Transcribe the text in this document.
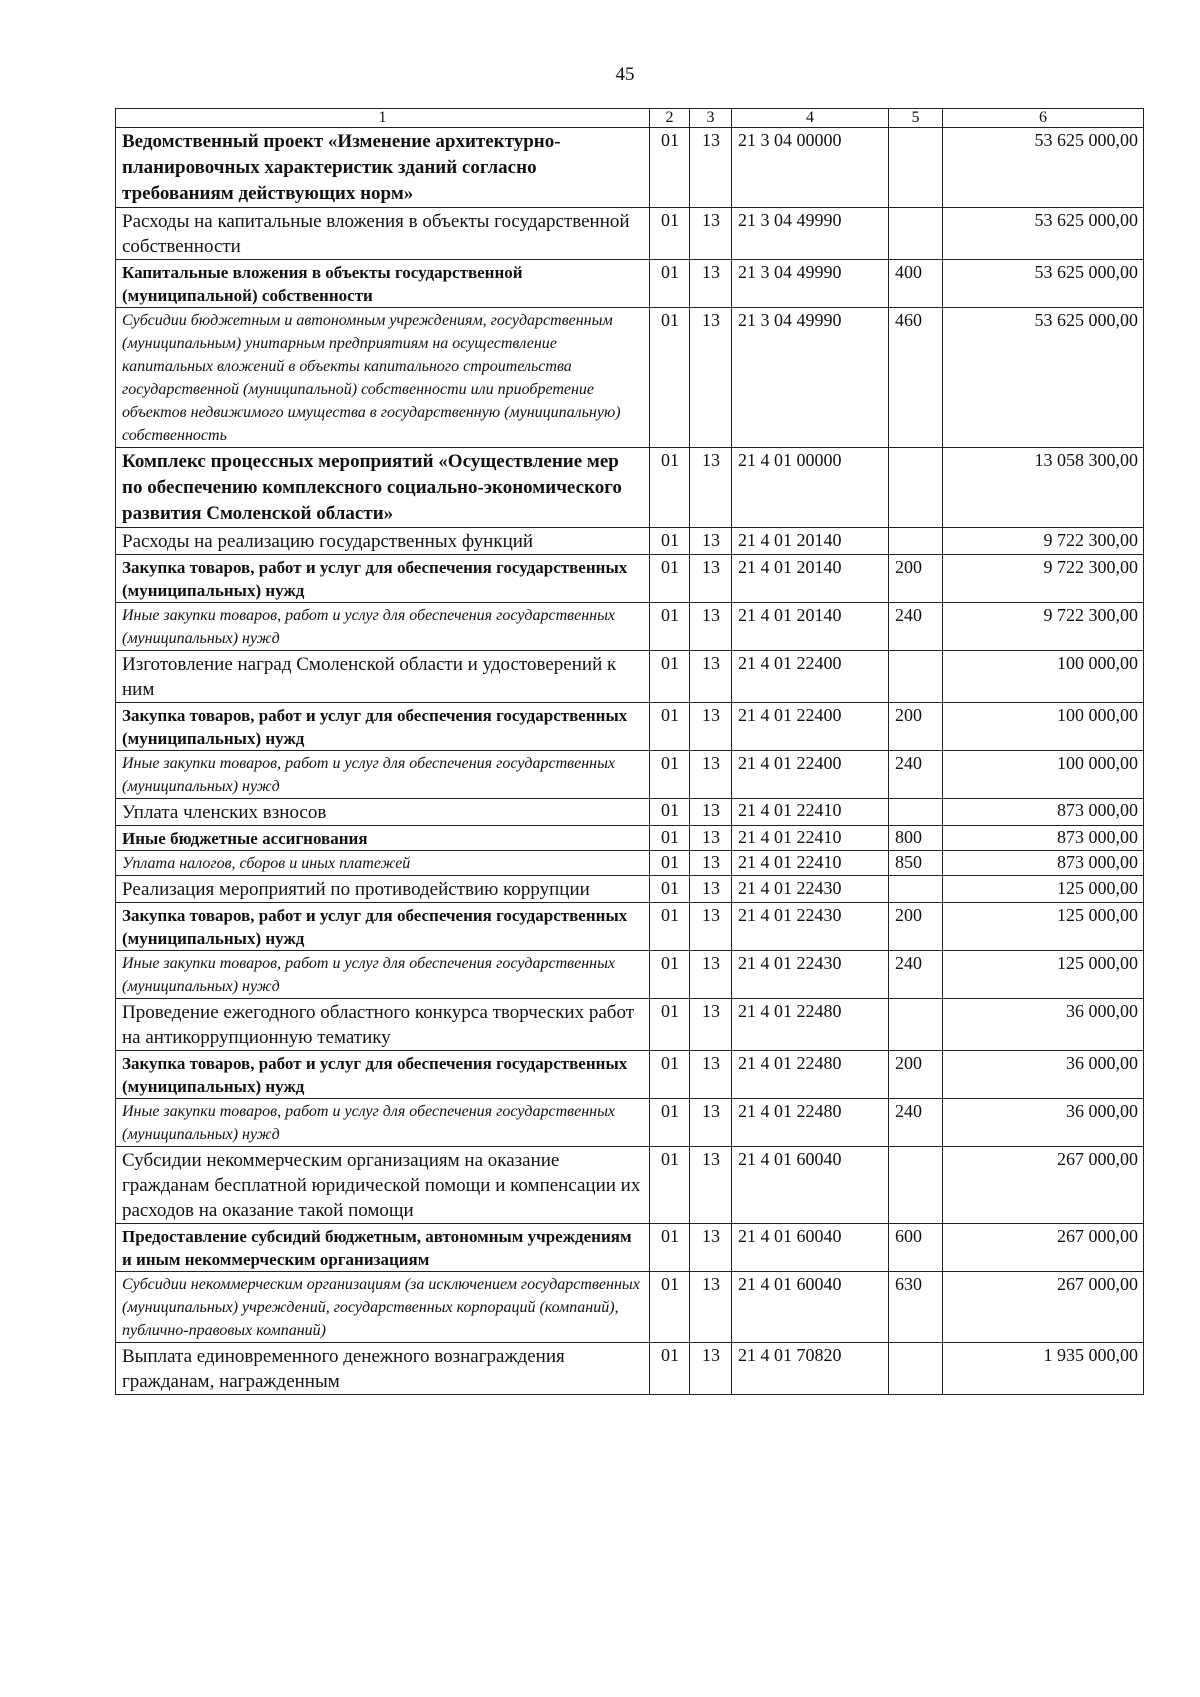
45
1	2	3	4	5	6
Ведомственный проект «Изменение архитектурно-планировочных характеристик зданий согласно требованиям действующих норм»	01	13	21 3 04 00000		53 625 000,00
Расходы на капитальные вложения в объекты государственной собственности	01	13	21 3 04 49990		53 625 000,00
Капитальные вложения в объекты государственной (муниципальной) собственности	01	13	21 3 04 49990	400	53 625 000,00
Субсидии бюджетным и автономным учреждениям, государственным (муниципальным) унитарным предприятиям на осуществление капитальных вложений в объекты капитального строительства государственной (муниципальной) собственности или приобретение объектов недвижимого имущества в государственную (муниципальную) собственность	01	13	21 3 04 49990	460	53 625 000,00
Комплекс процессных мероприятий «Осуществление мер по обеспечению комплексного социально-экономического развития Смоленской области»	01	13	21 4 01 00000		13 058 300,00
Расходы на реализацию государственных функций	01	13	21 4 01 20140		9 722 300,00
Закупка товаров, работ и услуг для обеспечения государственных (муниципальных) нужд	01	13	21 4 01 20140	200	9 722 300,00
Иные закупки товаров, работ и услуг для обеспечения государственных (муниципальных) нужд	01	13	21 4 01 20140	240	9 722 300,00
Изготовление наград Смоленской области и удостоверений к ним	01	13	21 4 01 22400		100 000,00
Закупка товаров, работ и услуг для обеспечения государственных (муниципальных) нужд	01	13	21 4 01 22400	200	100 000,00
Иные закупки товаров, работ и услуг для обеспечения государственных (муниципальных) нужд	01	13	21 4 01 22400	240	100 000,00
Уплата членских взносов	01	13	21 4 01 22410		873 000,00
Иные бюджетные ассигнования	01	13	21 4 01 22410	800	873 000,00
Уплата налогов, сборов и иных платежей	01	13	21 4 01 22410	850	873 000,00
Реализация мероприятий по противодействию коррупции	01	13	21 4 01 22430		125 000,00
Закупка товаров, работ и услуг для обеспечения государственных (муниципальных) нужд	01	13	21 4 01 22430	200	125 000,00
Иные закупки товаров, работ и услуг для обеспечения государственных (муниципальных) нужд	01	13	21 4 01 22430	240	125 000,00
Проведение ежегодного областного конкурса творческих работ на антикоррупционную тематику	01	13	21 4 01 22480		36 000,00
Закупка товаров, работ и услуг для обеспечения государственных (муниципальных) нужд	01	13	21 4 01 22480	200	36 000,00
Иные закупки товаров, работ и услуг для обеспечения государственных (муниципальных) нужд	01	13	21 4 01 22480	240	36 000,00
Субсидии некоммерческим организациям на оказание гражданам бесплатной юридической помощи и компенсации их расходов на оказание такой помощи	01	13	21 4 01 60040		267 000,00
Предоставление субсидий бюджетным, автономным учреждениям и иным некоммерческим организациям	01	13	21 4 01 60040	600	267 000,00
Субсидии некоммерческим организациям (за исключением государственных (муниципальных) учреждений, государственных корпораций (компаний), публично-правовых компаний)	01	13	21 4 01 60040	630	267 000,00
Выплата единовременного денежного вознаграждения гражданам, награжденным	01	13	21 4 01 70820		1 935 000,00
